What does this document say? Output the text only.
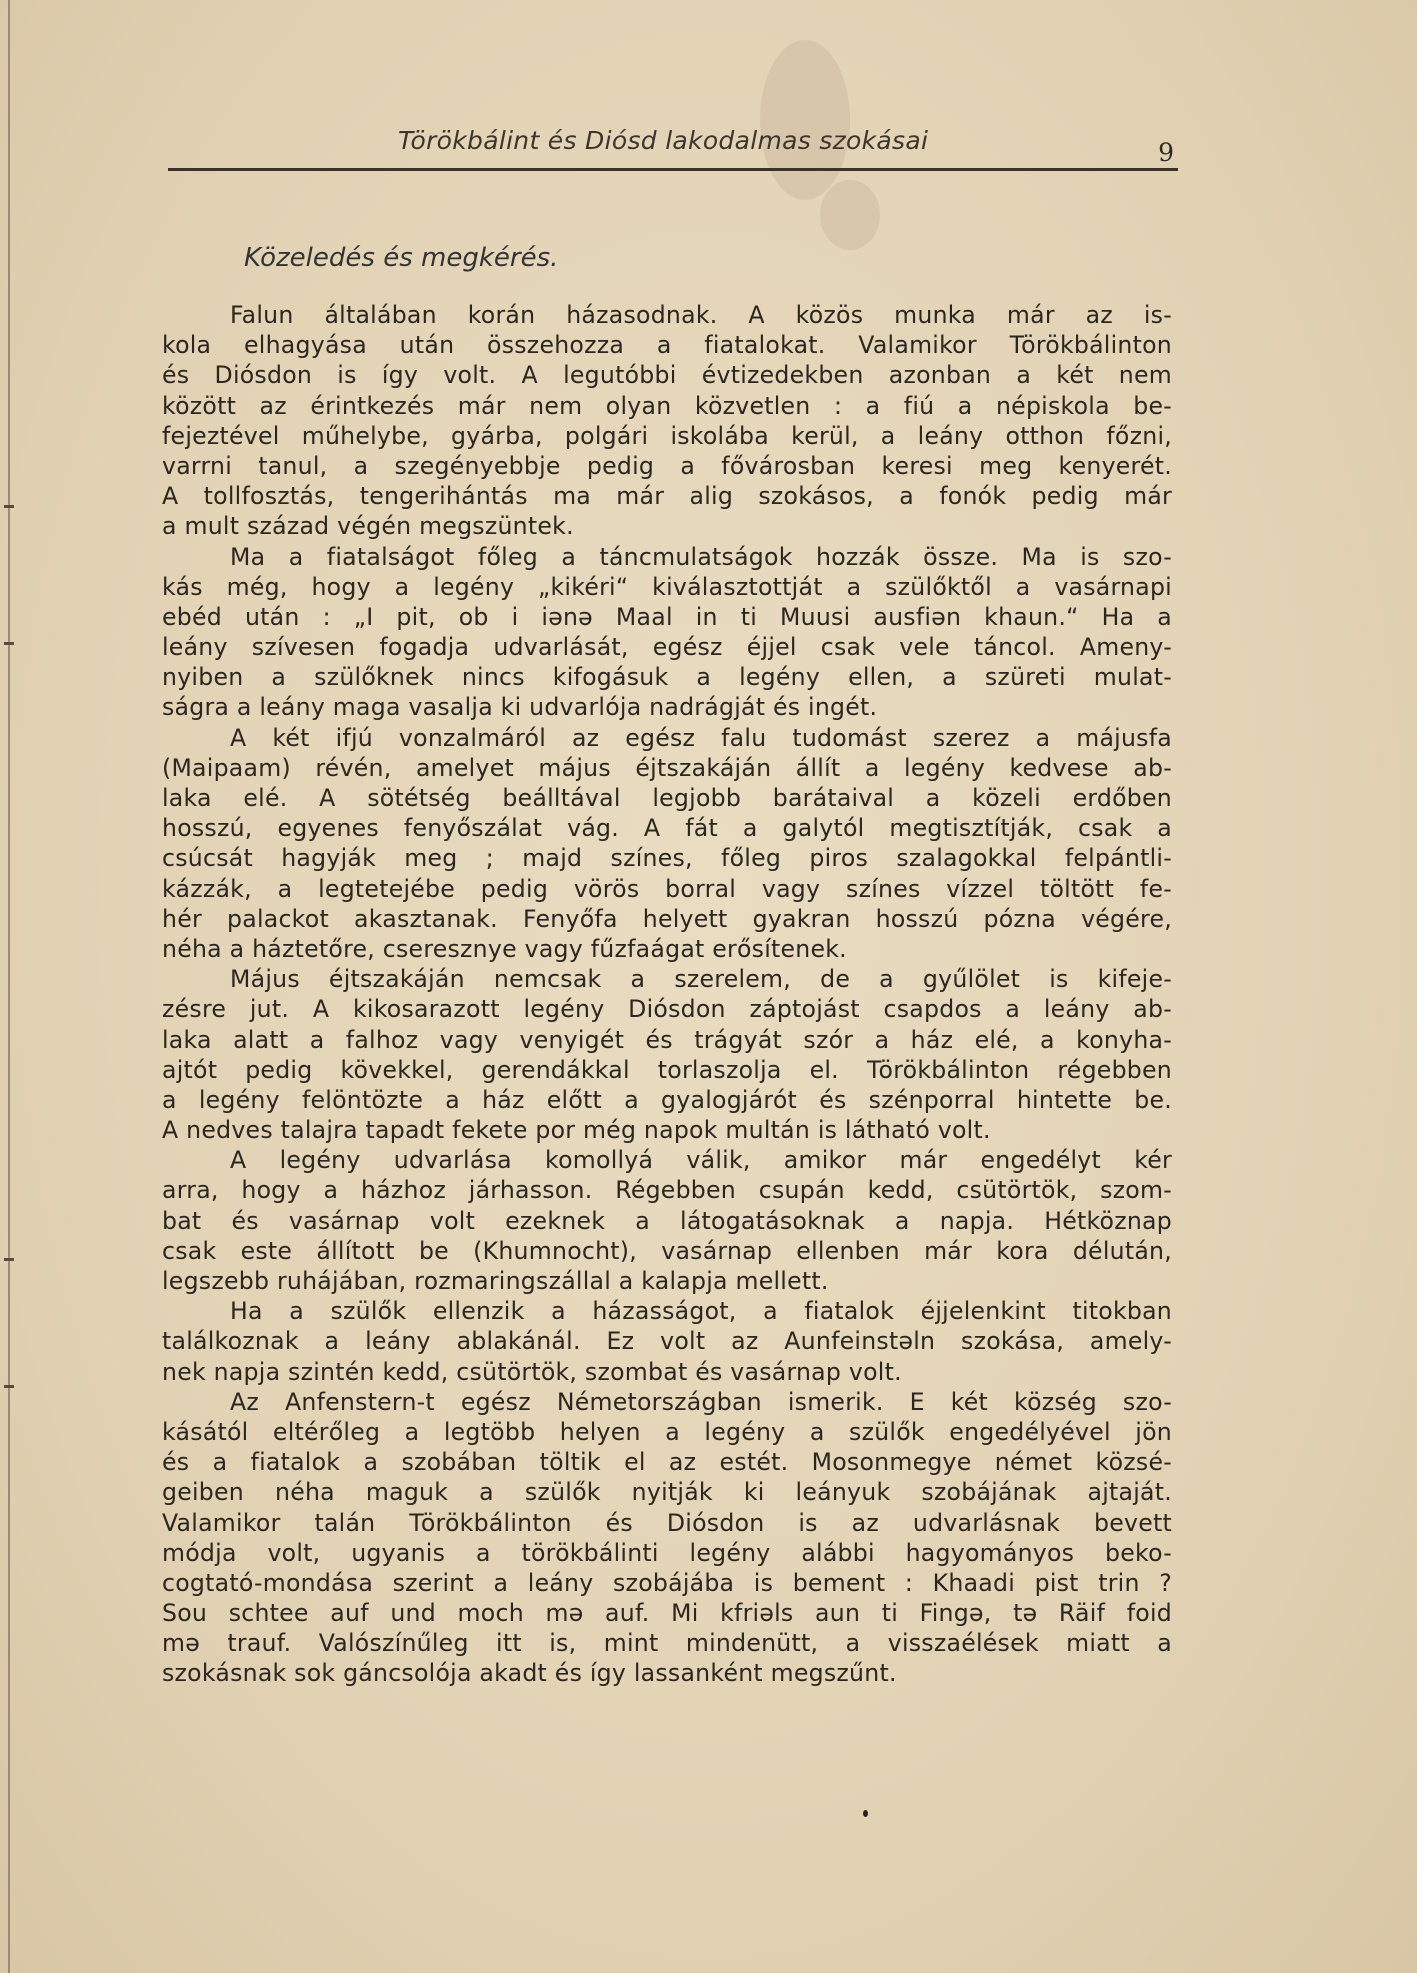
Törökbálint és Diósd lakodalmas szokásai	9
Közeledés és megkérés.
Falun általában korán házasodnak. A közös munka már az is-
kola elhagyása után összehozza a fiatalokat. Valamikor Törökbálinton
és Diósdon is így volt. A legutóbbi évtizedekben azonban a két nem
között az érintkezés már nem olyan közvetlen : a fiú a népiskola be-
fejeztével műhelybe, gyárba, polgári iskolába kerül, a leány otthon főzni,
varrni tanul, a szegényebbje pedig a fővárosban keresi meg kenyerét.
A tollfosztás, tengerihántás ma már alig szokásos, a fonók pedig már
a mult század végén megszüntek.
Ma a fiatalságot főleg a táncmulatságok hozzák össze. Ma is szo-
kás még, hogy a legény „kikéri“ kiválasztottját a szülőktől a vasárnapi
ebéd után : „I pit, ob i iənə Maal in ti Muusi ausfiən khaun.“ Ha a
leány szívesen fogadja udvarlását, egész éjjel csak vele táncol. Ameny-
nyiben a szülőknek nincs kifogásuk a legény ellen, a szüreti mulat-
ságra a leány maga vasalja ki udvarlója nadrágját és ingét.
A két ifjú vonzalmáról az egész falu tudomást szerez a májusfa
(Maipaam) révén, amelyet május éjtszakáján állít a legény kedvese ab-
laka elé. A sötétség beálltával legjobb barátaival a közeli erdőben
hosszú, egyenes fenyőszálat vág. A fát a galytól megtisztítják, csak a
csúcsát hagyják meg ; majd színes, főleg piros szalagokkal felpántli-
kázzák, a legtetejébe pedig vörös borral vagy színes vízzel töltött fe-
hér palackot akasztanak. Fenyőfa helyett gyakran hosszú pózna végére,
néha a háztetőre, cseresznye vagy fűzfaágat erősítenek.
Május éjtszakáján nemcsak a szerelem, de a gyűlölet is kifeje-
zésre jut. A kikosarazott legény Diósdon záptojást csapdos a leány ab-
laka alatt a falhoz vagy venyigét és trágyát szór a ház elé, a konyha-
ajtót pedig kövekkel, gerendákkal torlaszolja el. Törökbálinton régebben
a legény felöntözte a ház előtt a gyalogjárót és szénporral hintette be.
A nedves talajra tapadt fekete por még napok multán is látható volt.
A legény udvarlása komollyá válik, amikor már engedélyt kér
arra, hogy a házhoz járhasson. Régebben csupán kedd, csütörtök, szom-
bat és vasárnap volt ezeknek a látogatásoknak a napja. Hétköznap
csak este állított be (Khumnocht), vasárnap ellenben már kora délután,
legszebb ruhájában, rozmaringszállal a kalapja mellett.
Ha a szülők ellenzik a házasságot, a fiatalok éjjelenkint titokban
találkoznak a leány ablakánál. Ez volt az Aunfeinstəln szokása, amely-
nek napja szintén kedd, csütörtök, szombat és vasárnap volt.
Az Anfenstern-t egész Németországban ismerik. E két község szo-
kásától eltérőleg a legtöbb helyen a legény a szülők engedélyével jön
és a fiatalok a szobában töltik el az estét. Mosonmegye német közsé-
geiben néha maguk a szülők nyitják ki leányuk szobájának ajtaját.
Valamikor talán Törökbálinton és Diósdon is az udvarlásnak bevett
módja volt, ugyanis a törökbálinti legény alábbi hagyományos beko-
cogtató-mondása szerint a leány szobájába is bement : Khaadi pist trin ?
Sou schtee auf und moch mə auf. Mi kfriəls aun ti Fingə, tə Räif foid
mə trauf. Valószínűleg itt is, mint mindenütt, a visszaélések miatt a
szokásnak sok gáncsolója akadt és így lassanként megszűnt.
